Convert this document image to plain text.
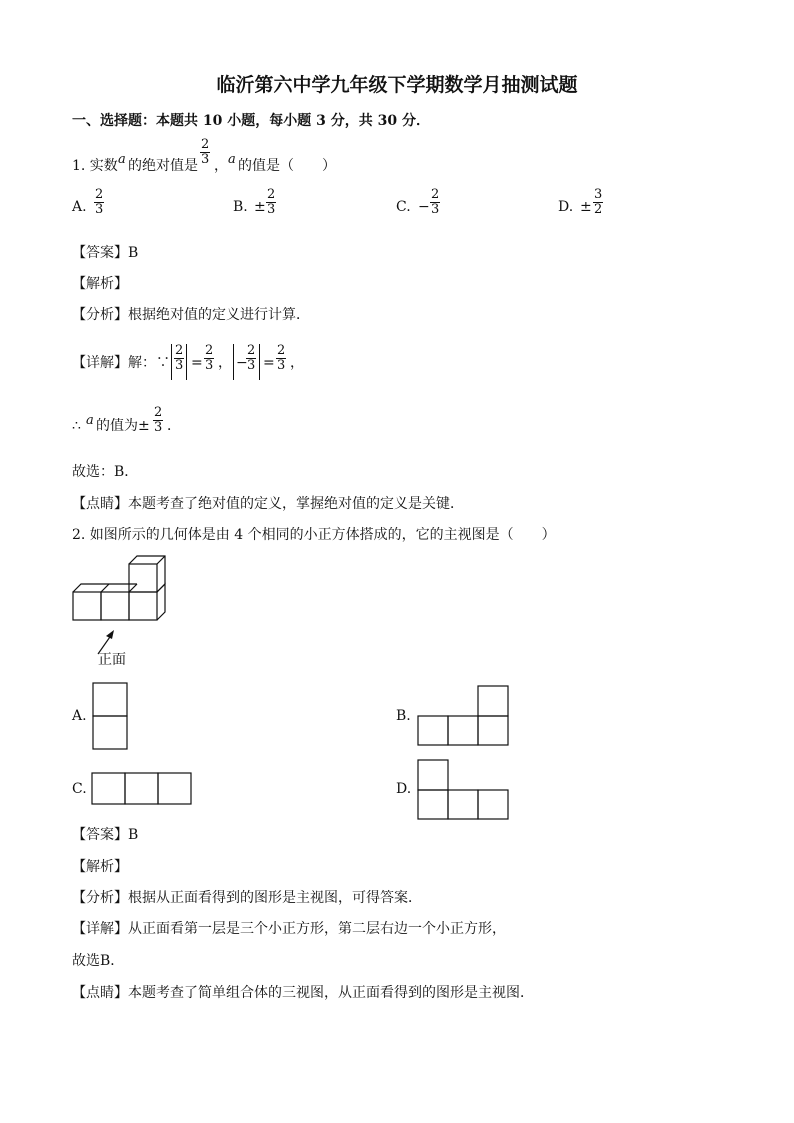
临沂第六中学九年级下学期数学月抽测试题
一、选择题：本题共 10 小题，每小题 3 分，共 30 分．
1. 实数 a 的绝对值是 $\frac{2}{3}$ ， a 的值是（　　）
A. $\frac{2}{3}$	B. ± $\frac{2}{3}$	C. − $\frac{2}{3}$	D. ± $\frac{3}{2}$
【答案】B
【解析】
【分析】根据绝对值的定义进行计算．
【详解】解：∵ $\frac{2}{3} = \frac{2}{3}$ ， −
$\frac{2}{3} = \frac{2}{3}$ ，
∴ a 的值为± $\frac{2}{3}$ ．
故选：B．
【点睛】本题考查了绝对值的定义，掌握绝对值的定义是关键．
2. 如图所示的几何体是由 4 个相同的小正方体搭成的，它的主视图是（　　）
正面
A.	B.
C.	D.
【答案】B
【解析】
【分析】根据从正面看得到的图形是主视图，可得答案．
【详解】从正面看第一层是三个小正方形，第二层右边一个小正方形，
故选B．
【点睛】本题考查了简单组合体的三视图，从正面看得到的图形是主视图．
